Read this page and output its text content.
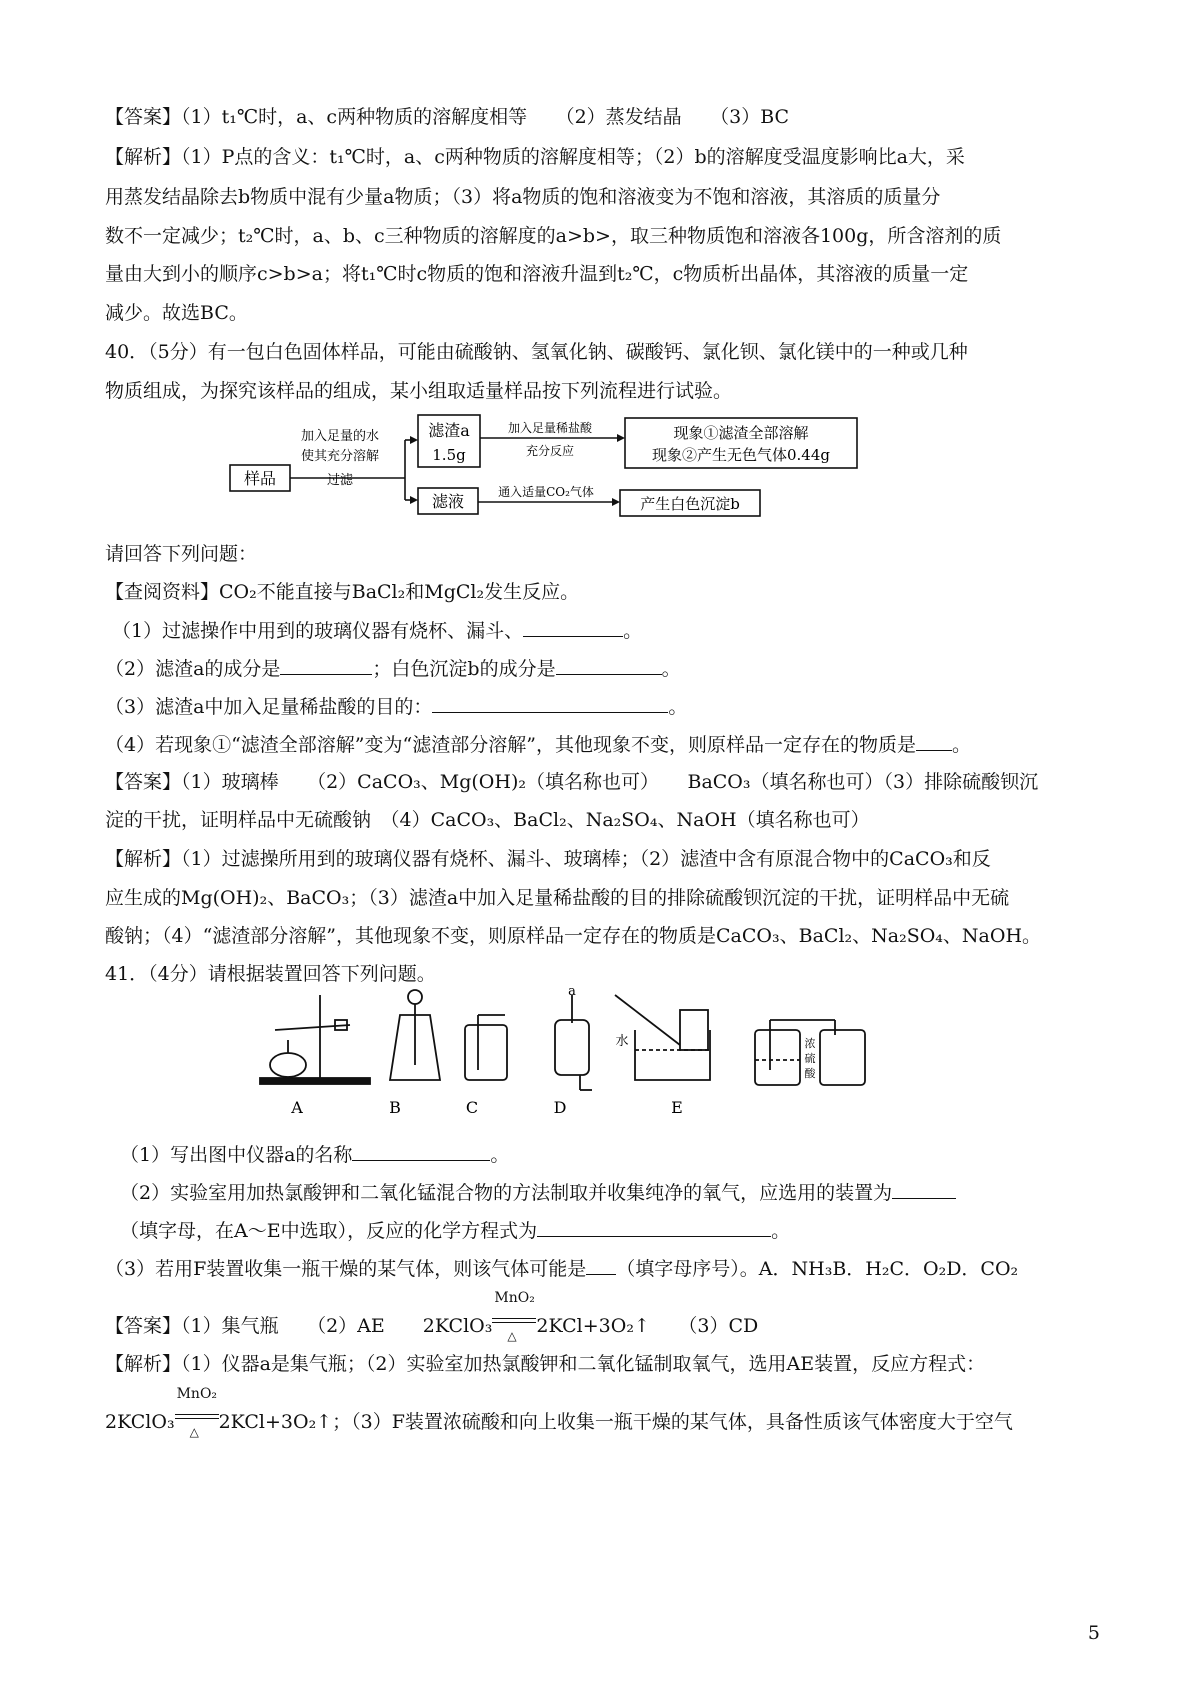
【答案】（1）t₁℃时，a、c两种物质的溶解度相等　　（2）蒸发结晶　　（3）BC
【解析】（1）P点的含义：t₁℃时，a、c两种物质的溶解度相等；（2）b的溶解度受温度影响比a大，采
用蒸发结晶除去b物质中混有少量a物质；（3）将a物质的饱和溶液变为不饱和溶液，其溶质的质量分
数不一定减少；t₂℃时，a、b、c三种物质的溶解度的a>b>，取三种物质饱和溶液各100g，所含溶剂的质
量由大到小的顺序c>b>a；将t₁℃时c物质的饱和溶液升温到t₂℃，c物质析出晶体，其溶液的质量一定
减少。故选BC。
40．（5分）有一包白色固体样品，可能由硫酸钠、氢氧化钠、碳酸钙、氯化钡、氯化镁中的一种或几种
物质组成，为探究该样品的组成，某小组取适量样品按下列流程进行试验。
样品
加入足量的水
使其充分溶解
过滤
滤渣a
1.5g
加入足量稀盐酸
充分反应
现象①滤渣全部溶解
现象②产生无色气体0.44g
滤液	通入适量CO₂气体
产生白色沉淀b
请回答下列问题：
【查阅资料】CO₂不能直接与BaCl₂和MgCl₂发生反应。
（1）过滤操作中用到的玻璃仪器有烧杯、漏斗、	。
（2）滤渣a的成分是	；白色沉淀b的成分是	。
（3）滤渣a中加入足量稀盐酸的目的：	。
（4）若现象①“滤渣全部溶解”变为“滤渣部分溶解”，其他现象不变，则原样品一定存在的物质是 。
【答案】（1）玻璃棒　　（2）CaCO₃、Mg(OH)₂（填名称也可）　　BaCO₃（填名称也可）（3）排除硫酸钡沉
淀的干扰，证明样品中无硫酸钠　（4）CaCO₃、BaCl₂、Na₂SO₄、NaOH（填名称也可）
【解析】（1）过滤操所用到的玻璃仪器有烧杯、漏斗、玻璃棒；（2）滤渣中含有原混合物中的CaCO₃和反
应生成的Mg(OH)₂、BaCO₃；（3）滤渣a中加入足量稀盐酸的目的排除硫酸钡沉淀的干扰，证明样品中无硫
酸钠；（4）“滤渣部分溶解”，其他现象不变，则原样品一定存在的物质是CaCO₃、BaCl₂、Na₂SO₄、NaOH。
41．（4分）请根据装置回答下列问题。
a
水	浓
硫
酸
A	B	C	D	E
（1）写出图中仪器a的名称	。
（2）实验室用加热氯酸钾和二氧化锰混合物的方法制取并收集纯净的氧气，应选用的装置为
（填字母，在A～E中选取），反应的化学方程式为	。
（3）若用F装置收集一瓶干燥的某气体，则该气体可能是 （填字母序号）。A．NH₃B．H₂C．O₂D．CO₂
【答案】（1）集气瓶　　（2）AE　　2KClO₃
MnO₂
△ 2KCl+3O₂↑　　（3）CD
【解析】（1）仪器a是集气瓶；（2）实验室加热氯酸钾和二氧化锰制取氧气，选用AE装置，反应方程式：
2KClO₃
MnO₂
△ 2KCl+3O₂↑；（3）F装置浓硫酸和向上收集一瓶干燥的某气体，具备性质该气体密度大于空气
5
